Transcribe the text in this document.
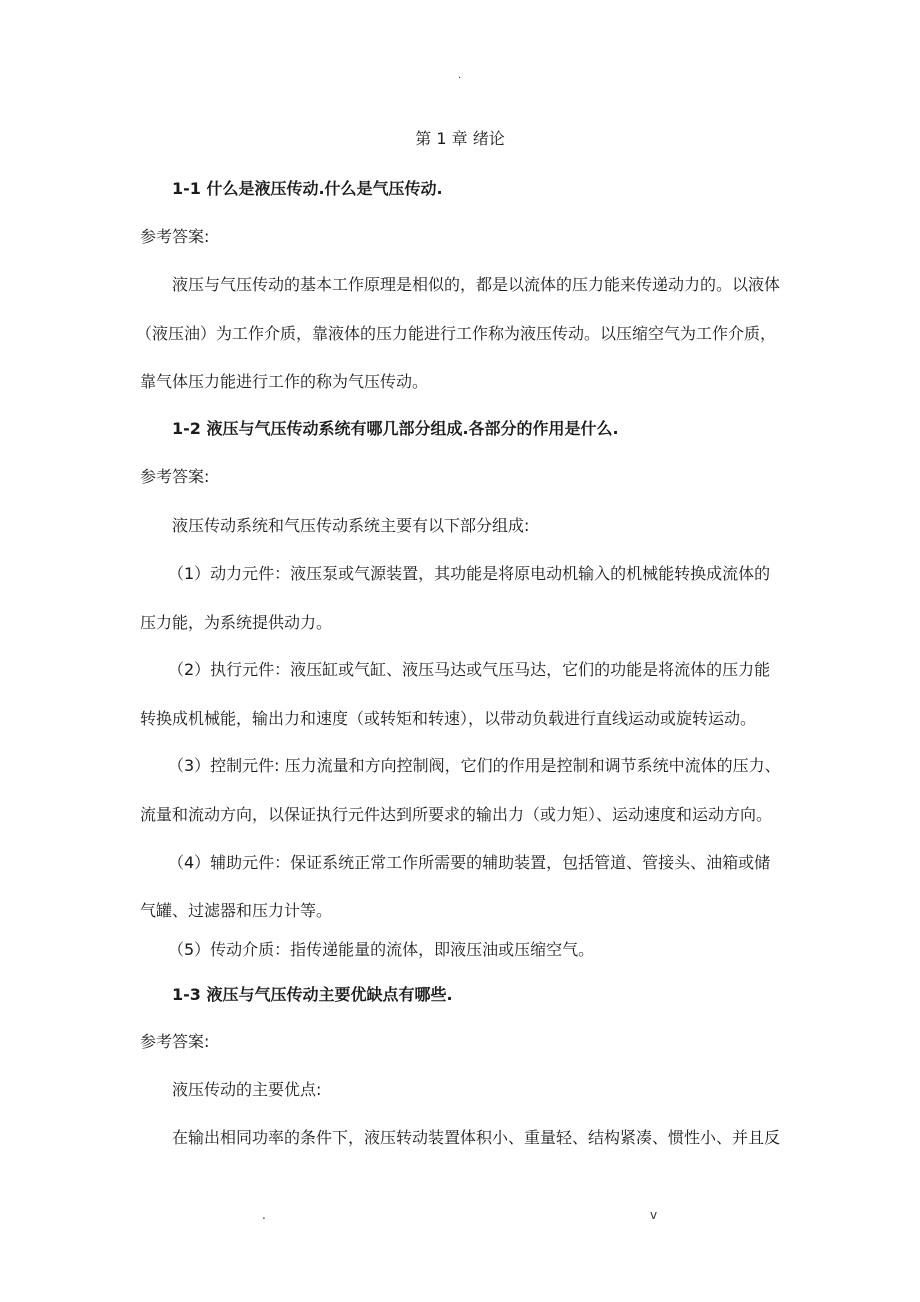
.
第 1 章 绪论
1-1 什么是液压传动.什么是气压传动.
参考答案:
液压与气压传动的基本工作原理是相似的，都是以流体的压力能来传递动力的。以液体
（液压油）为工作介质，靠液体的压力能进行工作称为液压传动。以压缩空气为工作介质，
靠气体压力能进行工作的称为气压传动。
1-2 液压与气压传动系统有哪几部分组成.各部分的作用是什么.
参考答案:
液压传动系统和气压传动系统主要有以下部分组成:
（1）动力元件：液压泵或气源装置，其功能是将原电动机输入的机械能转换成流体的
压力能，为系统提供动力。
（2）执行元件：液压缸或气缸、液压马达或气压马达，它们的功能是将流体的压力能
转换成机械能，输出力和速度（或转矩和转速），以带动负载进行直线运动或旋转运动。
（3）控制元件: 压力流量和方向控制阀，它们的作用是控制和调节系统中流体的压力、
流量和流动方向，以保证执行元件达到所要求的输出力（或力矩）、运动速度和运动方向。
（4）辅助元件：保证系统正常工作所需要的辅助装置，包括管道、管接头、油箱或储
气罐、过滤器和压力计等。
（5）传动介质：指传递能量的流体，即液压油或压缩空气。
1-3 液压与气压传动主要优缺点有哪些.
参考答案:
液压传动的主要优点:
在输出相同功率的条件下，液压转动装置体积小、重量轻、结构紧凑、惯性小、并且反
.	v
